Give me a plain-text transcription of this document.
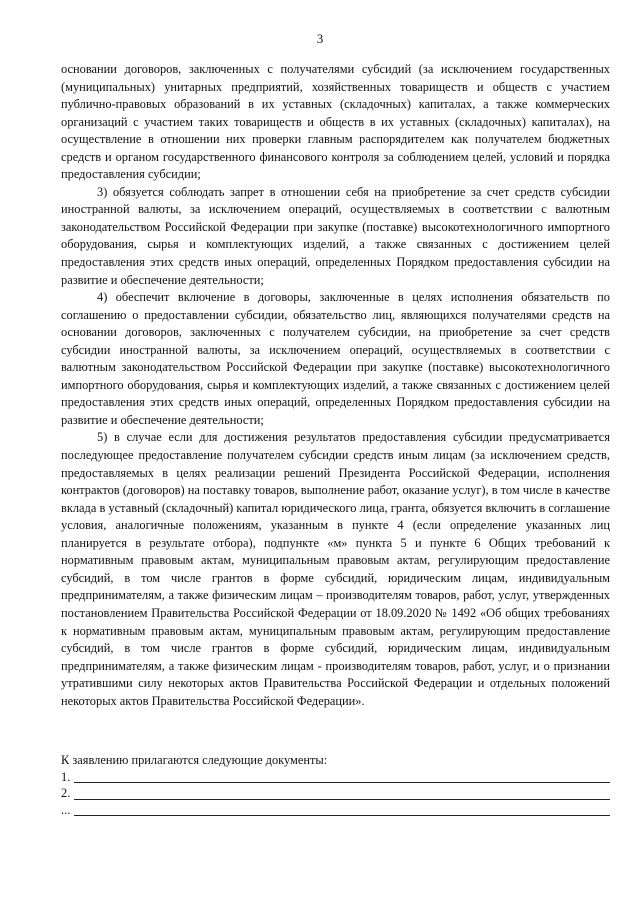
3

основании договоров, заключенных с получателями субсидий (за исключением государственных (муниципальных) унитарных предприятий, хозяйственных товариществ и обществ с участием публично-правовых образований в их уставных (складочных) капиталах, а также коммерческих организаций с участием таких товариществ и обществ в их уставных (складочных) капиталах), на осуществление в отношении них проверки главным распорядителем как получателем бюджетных средств и органом государственного финансового контроля за соблюдением целей, условий и порядка предоставления субсидии;

3) обязуется соблюдать запрет в отношении себя на приобретение за счет средств субсидии иностранной валюты, за исключением операций, осуществляемых в соответствии с валютным законодательством Российской Федерации при закупке (поставке) высокотехнологичного импортного оборудования, сырья и комплектующих изделий, а также связанных с достижением целей предоставления этих средств иных операций, определенных Порядком предоставления субсидии на развитие и обеспечение деятельности;

4) обеспечит включение в договоры, заключенные в целях исполнения обязательств по соглашению о предоставлении субсидии, обязательство лиц, являющихся получателями средств на основании договоров, заключенных с получателем субсидии, на приобретение за счет средств субсидии иностранной валюты, за исключением операций, осуществляемых в соответствии с валютным законодательством Российской Федерации при закупке (поставке) высокотехнологичного импортного оборудования, сырья и комплектующих изделий, а также связанных с достижением целей предоставления этих средств иных операций, определенных Порядком предоставления субсидии на развитие и обеспечение деятельности;

5) в случае если для достижения результатов предоставления субсидии предусматривается последующее предоставление получателем субсидии средств иным лицам (за исключением средств, предоставляемых в целях реализации решений Президента Российской Федерации, исполнения контрактов (договоров) на поставку товаров, выполнение работ, оказание услуг), в том числе в качестве вклада в уставный (складочный) капитал юридического лица, гранта, обязуется включить в соглашение условия, аналогичные положениям, указанным в пункте 4 (если определение указанных лиц планируется в результате отбора), подпункте «м» пункта 5 и пункте 6 Общих требований к нормативным правовым актам, муниципальным правовым актам, регулирующим предоставление субсидий, в том числе грантов в форме субсидий, юридическим лицам, индивидуальным предпринимателям, а также физическим лицам – производителям товаров, работ, услуг, утвержденных постановлением Правительства Российской Федерации от 18.09.2020 № 1492 «Об общих требованиях к нормативным правовым актам, муниципальным правовым актам, регулирующим предоставление субсидий, в том числе грантов в форме субсидий, юридическим лицам, индивидуальным предпринимателям, а также физическим лицам - производителям товаров, работ, услуг, и о признании утратившими силу некоторых актов Правительства Российской Федерации и отдельных положений некоторых актов Правительства Российской Федерации».

К заявлению прилагаются следующие документы:

1.
2.
...
